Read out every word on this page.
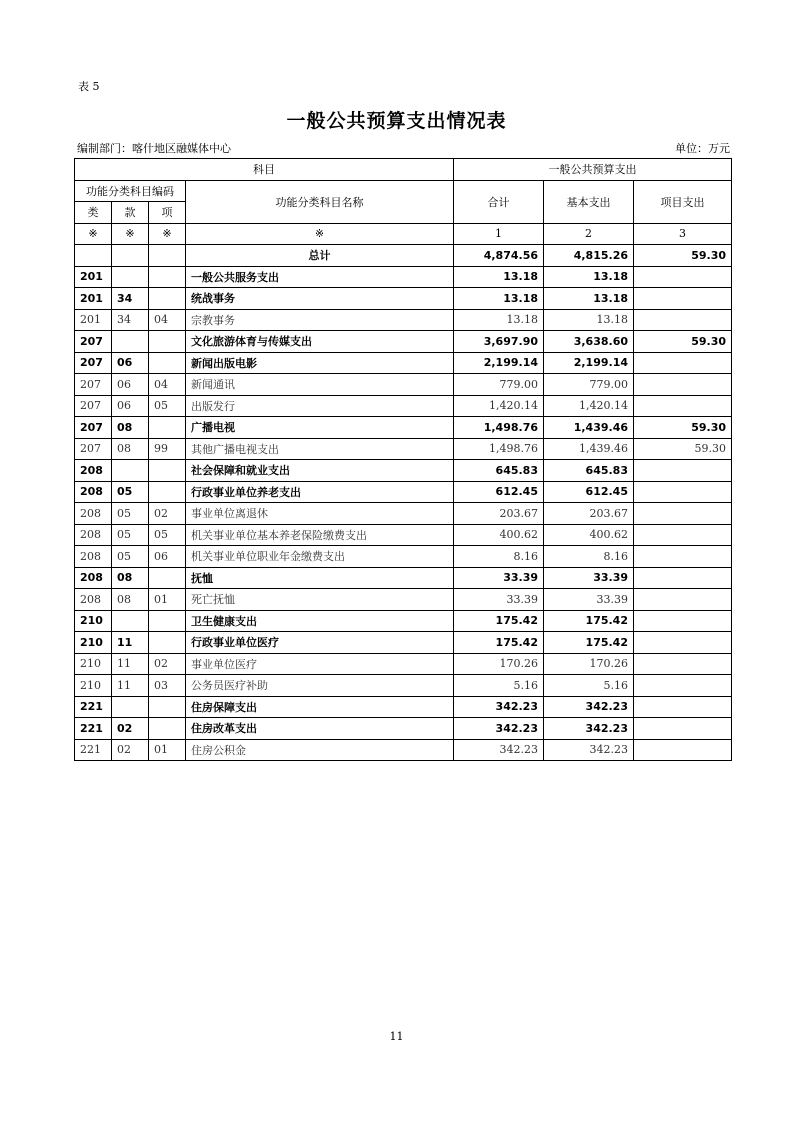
表 5
一般公共预算支出情况表
编制部门：喀什地区融媒体中心	单位：万元
科目				一般公共预算支出		
功能分类科目编码			功能分类科目名称	合计	基本支出	项目支出
类	款	项				
※	※	※	※	1	2	3
			总计	4,874.56	4,815.26	59.30
201			一般公共服务支出	13.18	13.18	
201	34		统战事务	13.18	13.18	
201	34	04	宗教事务	13.18	13.18	
207			文化旅游体育与传媒支出	3,697.90	3,638.60	59.30
207	06		新闻出版电影	2,199.14	2,199.14	
207	06	04	新闻通讯	779.00	779.00	
207	06	05	出版发行	1,420.14	1,420.14	
207	08		广播电视	1,498.76	1,439.46	59.30
207	08	99	其他广播电视支出	1,498.76	1,439.46	59.30
208			社会保障和就业支出	645.83	645.83	
208	05		行政事业单位养老支出	612.45	612.45	
208	05	02	事业单位离退休	203.67	203.67	
208	05	05	机关事业单位基本养老保险缴费支出	400.62	400.62	
208	05	06	机关事业单位职业年金缴费支出	8.16	8.16	
208	08		抚恤	33.39	33.39	
208	08	01	死亡抚恤	33.39	33.39	
210			卫生健康支出	175.42	175.42	
210	11		行政事业单位医疗	175.42	175.42	
210	11	02	事业单位医疗	170.26	170.26	
210	11	03	公务员医疗补助	5.16	5.16	
221			住房保障支出	342.23	342.23	
221	02		住房改革支出	342.23	342.23	
221	02	01	住房公积金	342.23	342.23	
11
